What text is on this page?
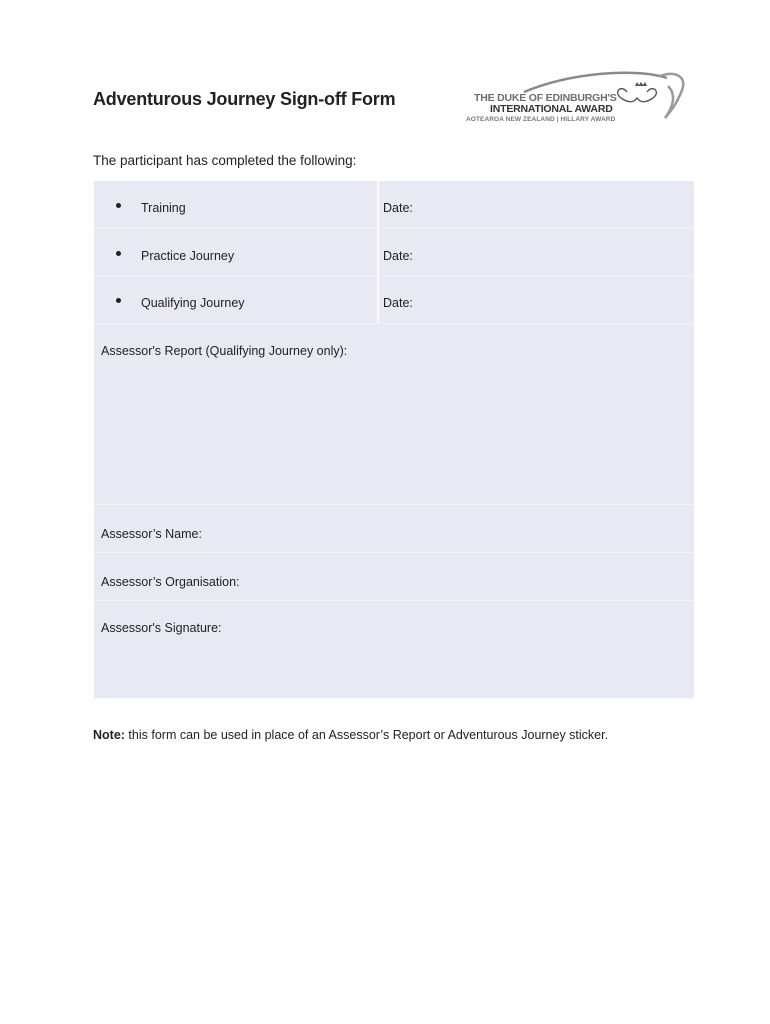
Adventurous Journey Sign-off Form	THE DUKE OF EDINBURGH'S
INTERNATIONAL AWARD
AOTEAROA NEW ZEALAND | HILLARY AWARD
The participant has completed the following:
Training	Date:
Practice Journey	Date:
Qualifying Journey	Date:
Assessor's Report (Qualifying Journey only):
Assessor’s Name:
Assessor’s Organisation:
Assessor's Signature:
Note: this form can be used in place of an Assessor’s Report or Adventurous Journey sticker.
